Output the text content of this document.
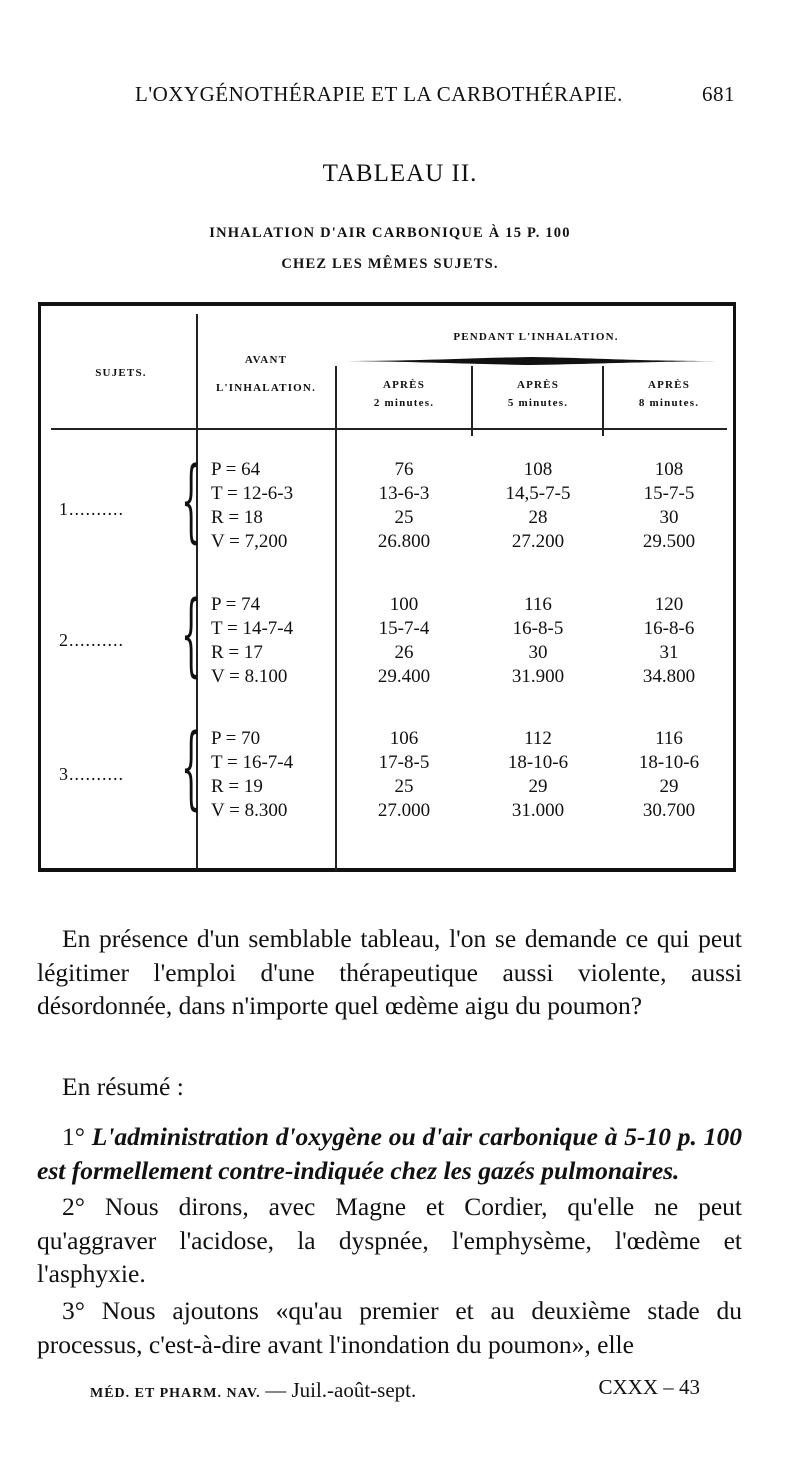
L'OXYGÉNOTHÉRAPIE ET LA CARBOTHÉRAPIE.	681
TABLEAU II.
INHALATION D'AIR CARBONIQUE À 15 P. 100
CHEZ LES MÊMES SUJETS.
SUJETS.
AVANT
L'INHALATION.
PENDANT L'INHALATION.
APRÈS
2 minutes.
APRÈS
5 minutes.
APRÈS
8 minutes.
1.......... { P = 64
T = 12-6-3
R = 18
V = 7,200
76
13-6-3
25
26.800
108
14,5-7-5
28
27.200
108
15-7-5
30
29.500
2.......... { P = 74
T = 14-7-4
R = 17
V = 8.100
100
15-7-4
26
29.400
116
16-8-5
30
31.900
120
16-8-6
31
34.800
3.......... { P = 70
T = 16-7-4
R = 19
V = 8.300
106
17-8-5
25
27.000
112
18-10-6
29
31.000
116
18-10-6
29
30.700
En présence d'un semblable tableau, l'on se demande ce qui peut légitimer l'emploi d'une thérapeutique aussi violente, aussi désordonnée, dans n'importe quel œdème aigu du poumon?
En résumé :
1° L'administration d'oxygène ou d'air carbonique à 5-10 p. 100 est formellement contre-indiquée chez les gazés pulmonaires.
2° Nous dirons, avec Magne et Cordier, qu'elle ne peut qu'aggraver l'acidose, la dyspnée, l'emphysème, l'œdème et l'asphyxie.
3° Nous ajoutons «qu'au premier et au deuxième stade du processus, c'est-à-dire avant l'inondation du poumon», elle
MÉD. ET PHARM. NAV. — Juil.-août-sept.	CXXX – 43
